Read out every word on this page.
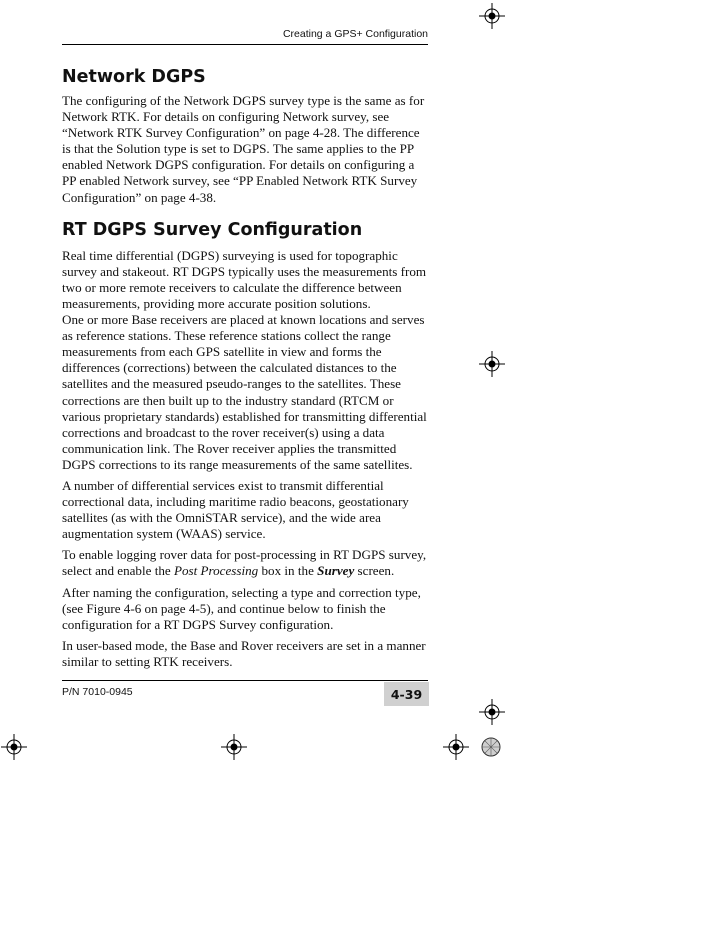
Creating a GPS+ Configuration
Network DGPS

The configuring of the Network DGPS survey type is the same as for Network RTK. For details on configuring Network survey, see “Network RTK Survey Configuration” on page 4-28. The difference is that the Solution type is set to DGPS. The same applies to the PP enabled Network DGPS configuration. For details on configuring a PP enabled Network survey, see “PP Enabled Network RTK Survey Configuration” on page 4-38.

RT DGPS Survey Configuration

Real time differential (DGPS) surveying is used for topographic survey and stakeout. RT DGPS typically uses the measurements from two or more remote receivers to calculate the difference between measurements, providing more accurate position solutions.

One or more Base receivers are placed at known locations and serves as reference stations. These reference stations collect the range measurements from each GPS satellite in view and forms the differences (corrections) between the calculated distances to the satellites and the measured pseudo-ranges to the satellites. These corrections are then built up to the industry standard (RTCM or various proprietary standards) established for transmitting differential corrections and broadcast to the rover receiver(s) using a data communication link. The Rover receiver applies the transmitted DGPS corrections to its range measurements of the same satellites.

A number of differential services exist to transmit differential correctional data, including maritime radio beacons, geostationary satellites (as with the OmniSTAR service), and the wide area augmentation system (WAAS) service.

To enable logging rover data for post-processing in RT DGPS survey, select and enable the Post Processing box in the Survey screen.

After naming the configuration, selecting a type and correction type, (see Figure 4-6 on page 4-5), and continue below to finish the configuration for a RT DGPS Survey configuration.

In user-based mode, the Base and Rover receivers are set in a manner similar to setting RTK receivers.

P/N 7010-0945	4-39
